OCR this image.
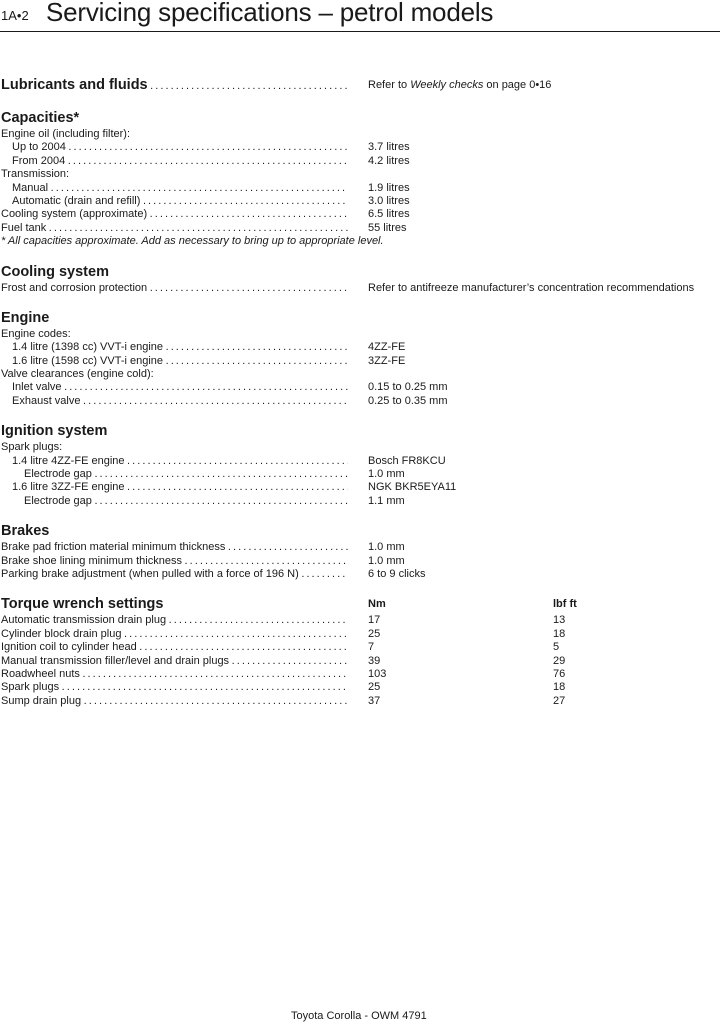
1A•2 Servicing specifications – petrol models
Lubricants and fluids . . .	Refer to Weekly checks on page 0•16
Capacities*
Engine oil (including filter):
Up to 2004 . . .	3.7 litres
From 2004 . . .	4.2 litres
Transmission:
Manual . . .	1.9 litres
Automatic (drain and refill) . . .	3.0 litres
Cooling system (approximate) . . .	6.5 litres
Fuel tank . . .	55 litres
* All capacities approximate. Add as necessary to bring up to appropriate level.
Cooling system
Frost and corrosion protection . . .	Refer to antifreeze manufacturer’s concentration recommendations
Engine
Engine codes:
1.4 litre (1398 cc) VVT-i engine . . .	4ZZ-FE
1.6 litre (1598 cc) VVT-i engine . . .	3ZZ-FE
Valve clearances (engine cold):
Inlet valve . . .	0.15 to 0.25 mm
Exhaust valve . . .	0.25 to 0.35 mm
Ignition system
Spark plugs:
1.4 litre 4ZZ-FE engine . . .	Bosch FR8KCU
Electrode gap . . .	1.0 mm
1.6 litre 3ZZ-FE engine . . .	NGK BKR5EYA11
Electrode gap . . .	1.1 mm
Brakes
Brake pad friction material minimum thickness . . .	1.0 mm
Brake shoe lining minimum thickness . . .	1.0 mm
Parking brake adjustment (when pulled with a force of 196 N) . . .	6 to 9 clicks
Torque wrench settings	Nm	lbf ft
Automatic transmission drain plug . . .	17	13
Cylinder block drain plug . . .	25	18
Ignition coil to cylinder head . . .	7	5
Manual transmission filler/level and drain plugs . . .	39	29
Roadwheel nuts . . .	103	76
Spark plugs . . .	25	18
Sump drain plug . . .	37	27
Toyota Corolla - OWM 4791
